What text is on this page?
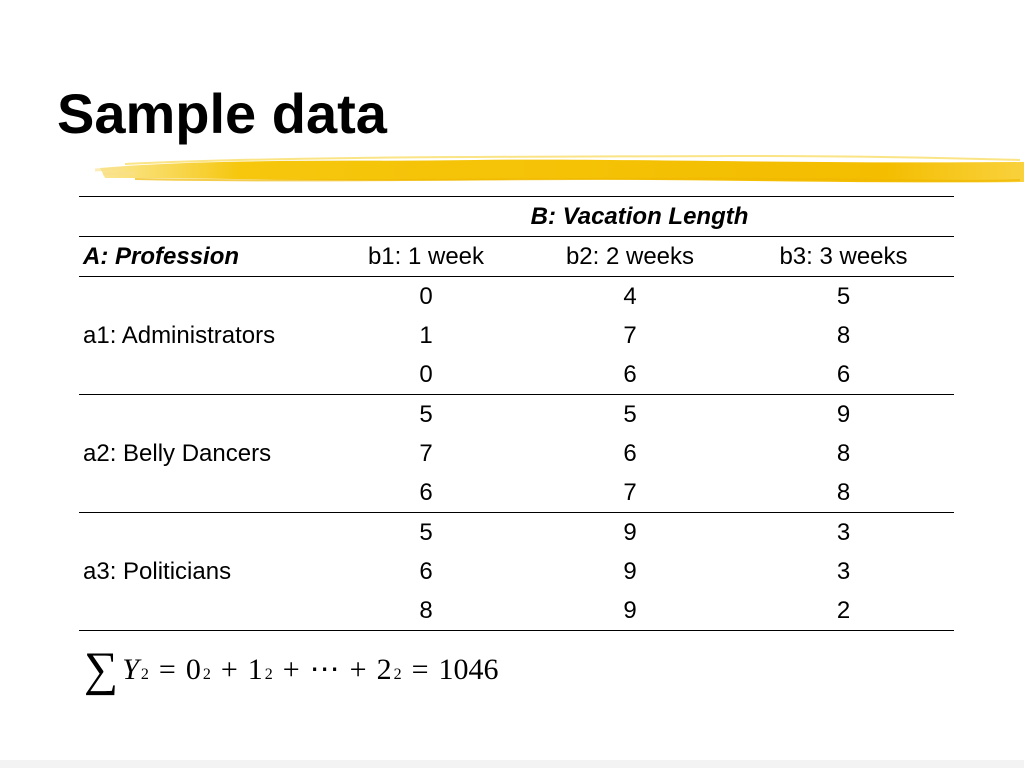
Sample data
	B: Vacation Length		
A: Profession	b1: 1 week	b2: 2 weeks	b3: 3 weeks
a1: Administrators	0	4	5
	1	7	8
	0	6	6
a2: Belly Dancers	5	5	9
	7	6	8
	6	7	8
a3: Politicians	5	9	3
	6	9	3
	8	9	2
∑ Y 2 = 0 2 + 1 2 + ⋯ + 2 2 = 1046
